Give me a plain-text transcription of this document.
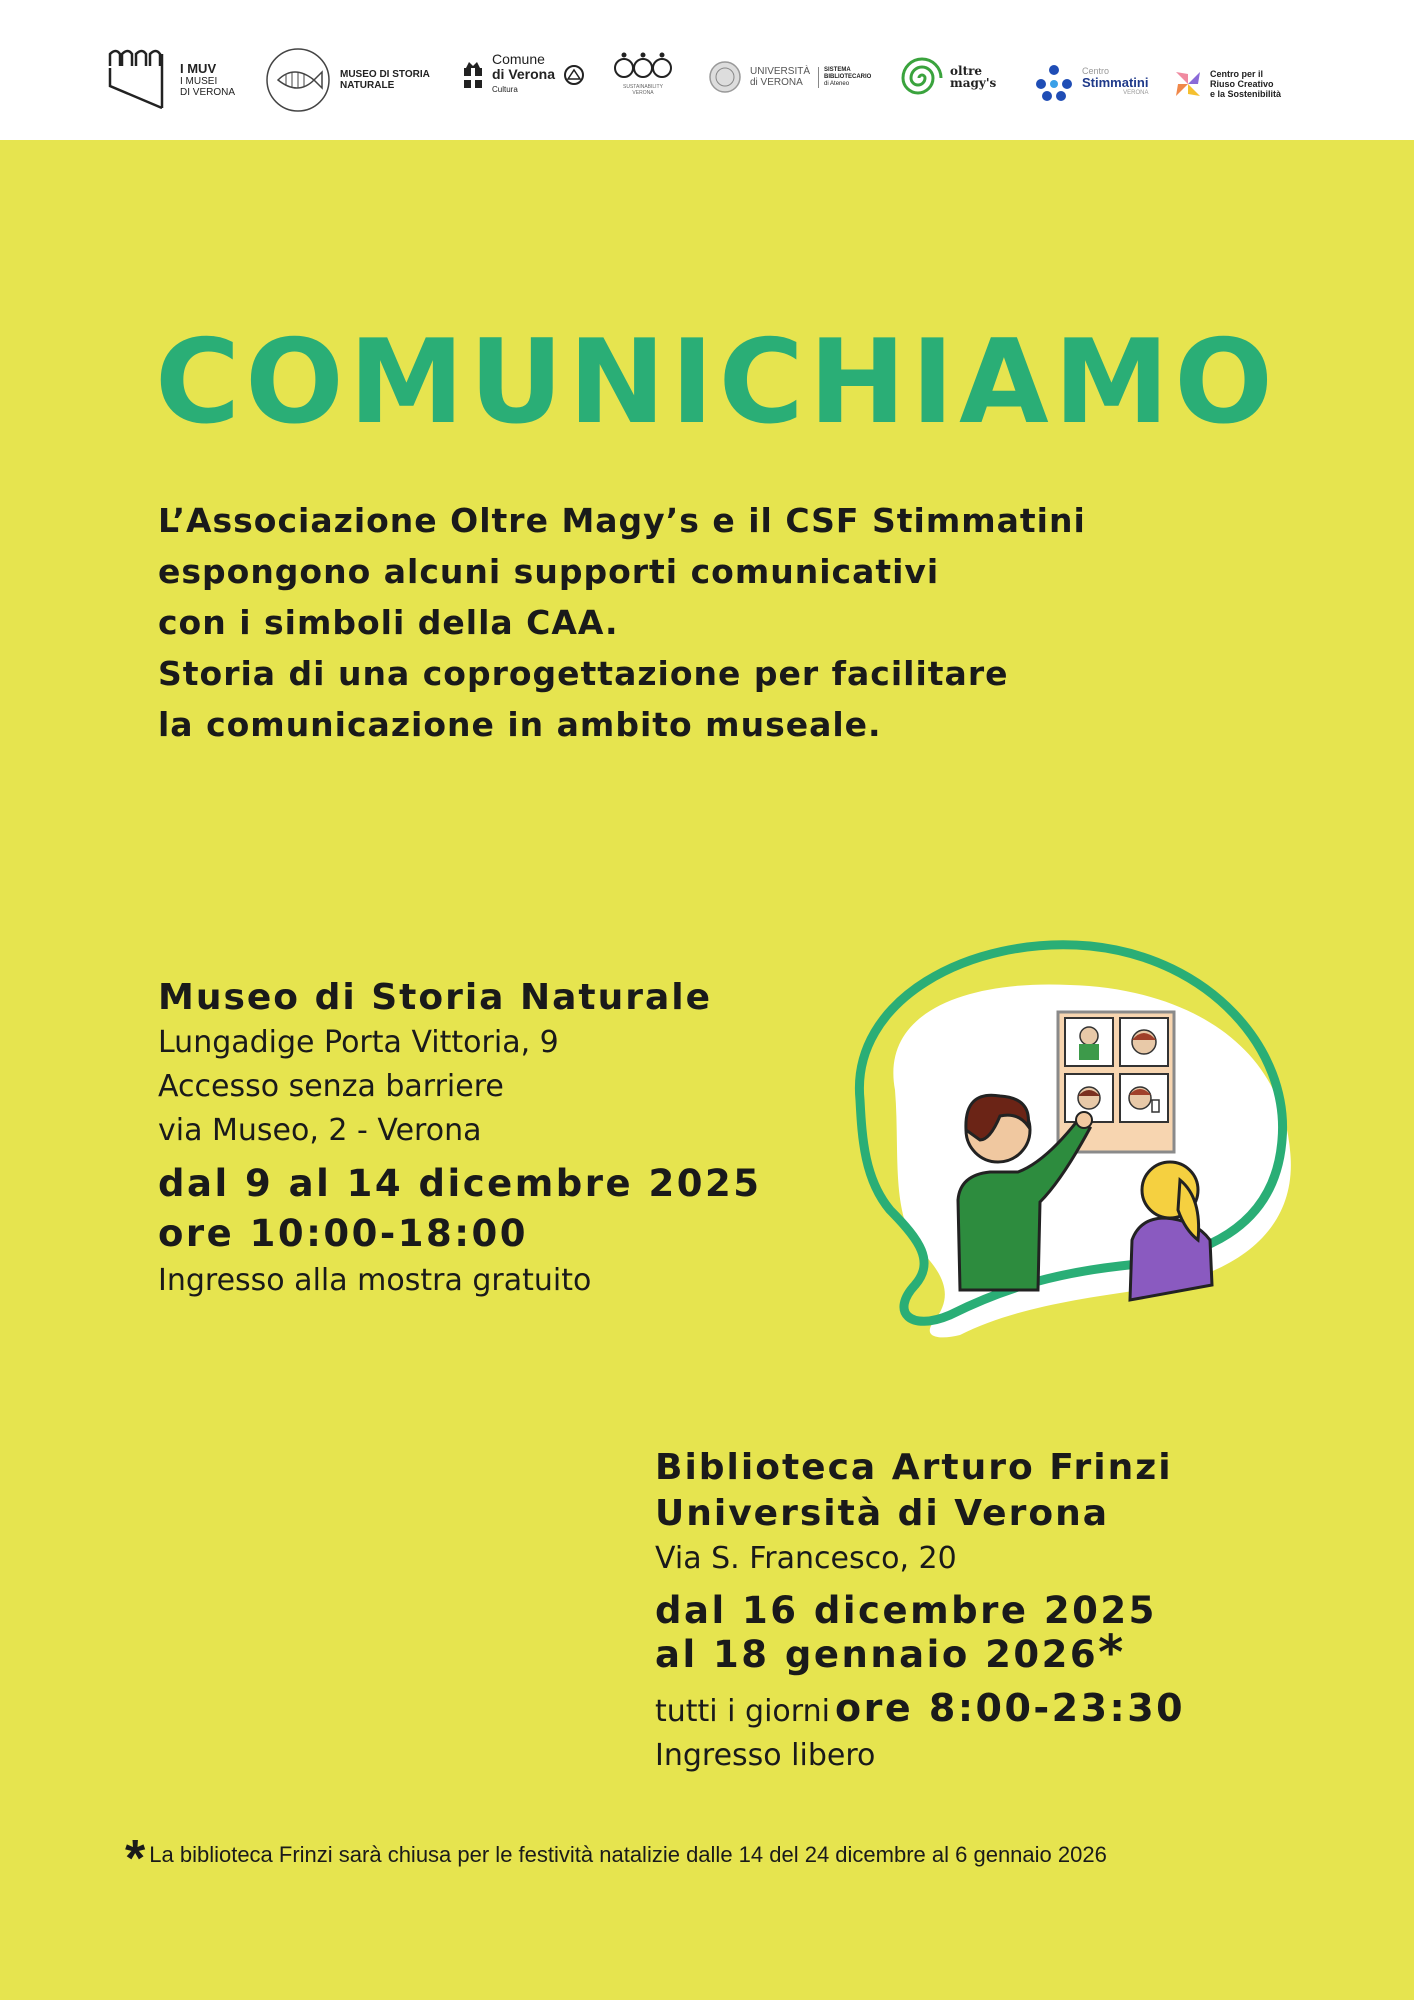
I MUV
I MUSEI
DI VERONA
MUSEO DI STORIA
NATURALE
Comune
di Verona
Cultura	SUSTAINABILITY
VERONA
UNIVERSITÀ
di VERONA
SISTEMA
BIBLIOTECARIO
di Ateneo
oltre
magy's
Centro
Stimmatini
VERONA
Centro per il
Riuso Creativo
e la Sostenibilità
COMUNICHIAMO
L’Associazione Oltre Magy’s e il CSF Stimmatini
espongono alcuni supporti comunicativi
con i simboli della CAA.
Storia di una coprogettazione per facilitare
la comunicazione in ambito museale.
Museo di Storia Naturale
Lungadige Porta Vittoria, 9
Accesso senza barriere
via Museo, 2 - Verona
dal 9 al 14 dicembre 2025
ore 10:00-18:00
Ingresso alla mostra gratuito
Biblioteca Arturo Frinzi
Università di Verona
Via S. Francesco, 20
dal 16 dicembre 2025
al 18 gennaio 2026*
tutti i giorni ore 8:00-23:30
Ingresso libero
* La biblioteca Frinzi sarà chiusa per le festività natalizie dalle 14 del 24 dicembre al 6 gennaio 2026
